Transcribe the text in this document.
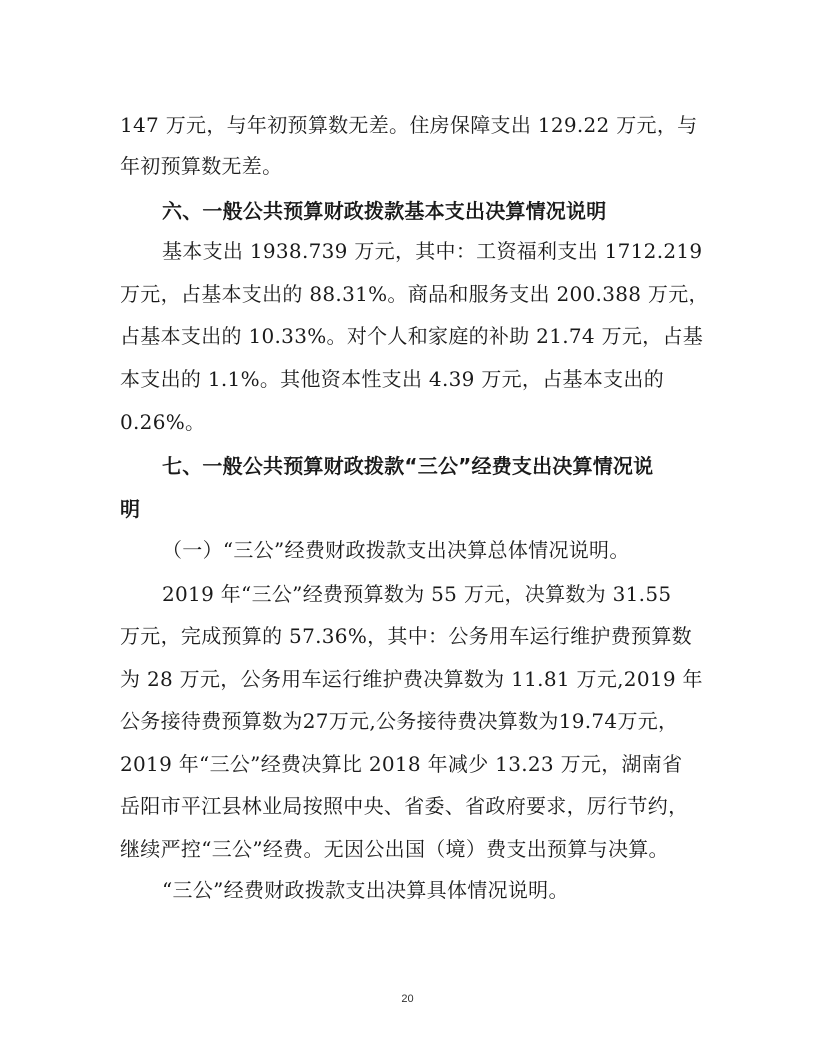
147 万元，与年初预算数无差。住房保障支出 129.22 万元，与
年初预算数无差。
六、一般公共预算财政拨款基本支出决算情况说明
基本支出 1938.739 万元，其中：工资福利支出 1712.219
万元，占基本支出的 88.31%。商品和服务支出 200.388 万元，
占基本支出的 10.33%。对个人和家庭的补助 21.74 万元，占基
本支出的 1.1%。其他资本性支出 4.39 万元，占基本支出的
0.26%。
七、一般公共预算财政拨款“三公”经费支出决算情况说
明
（一）“三公”经费财政拨款支出决算总体情况说明。
2019 年“三公”经费预算数为 55 万元，决算数为 31.55
万元，完成预算的 57.36%，其中：公务用车运行维护费预算数
为 28 万元，公务用车运行维护费决算数为 11.81 万元,2019 年
公务接待费预算数为27万元,公务接待费决算数为19.74万元，
2019 年“三公”经费决算比 2018 年减少 13.23 万元，湖南省
岳阳市平江县林业局按照中央、省委、省政府要求，厉行节约，
继续严控“三公”经费。无因公出国（境）费支出预算与决算。
“三公”经费财政拨款支出决算具体情况说明。
20
